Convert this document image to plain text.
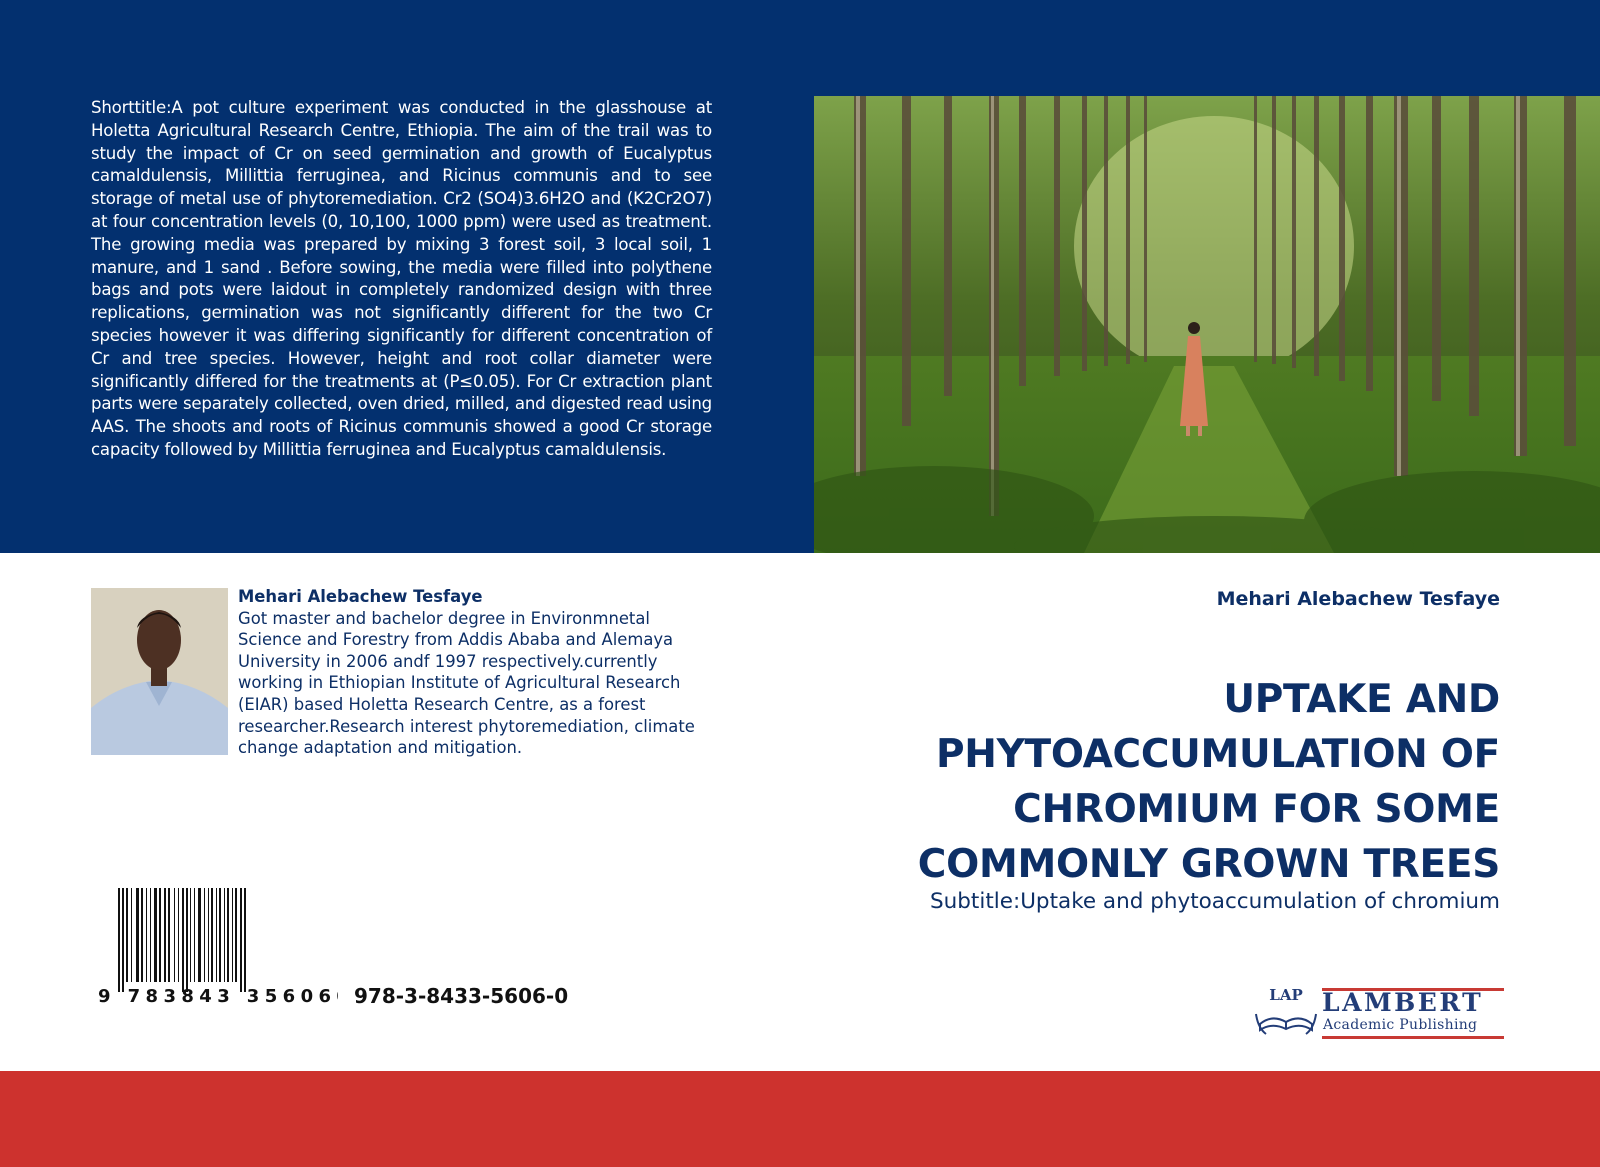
Shorttitle:A pot culture experiment was conducted in the glasshouse at Holetta Agricultural Research Centre, Ethiopia. The aim of the trail was to study the impact of Cr on seed germination and growth of Eucalyptus camaldulensis, Millittia ferruginea, and Ricinus communis and to see storage of metal use of phytoremediation. Cr2 (SO4)3.6H2O and (K2Cr2O7) at four concentration levels (0, 10,100, 1000 ppm) were used as treatment. The growing media was prepared by mixing 3 forest soil, 3 local soil, 1 manure, and 1 sand . Before sowing, the media were filled into polythene bags and pots were laidout in completely randomized design with three replications, germination was not significantly different for the two Cr species however it was differing significantly for different concentration of Cr and tree species. However, height and root collar diameter were significantly differed for the treatments at (P≤0.05). For Cr extraction plant parts were separately collected, oven dried, milled, and digested read using AAS. The shoots and roots of Ricinus communis showed a good Cr storage capacity followed by Millittia ferruginea and Eucalyptus camaldulensis.

Mehari Alebachew Tesfaye
Got master and bachelor degree in Environmnetal Science and Forestry from Addis Ababa and Alemaya University in 2006 andf 1997 respectively.currently working in Ethiopian Institute of Agricultural Research (EIAR) based Holetta Research Centre, as a forest researcher.Research interest phytoremediation, climate change adaptation and mitigation.
9 783843 356060 978-3-8433-5606-0
Mehari Alebachew Tesfaye
UPTAKE AND PHYTOACCUMULATION OF CHROMIUM FOR SOME COMMONLY GROWN TREES
Subtitle:Uptake and phytoaccumulation of chromium
LAP LAMBERT
Academic Publishing
